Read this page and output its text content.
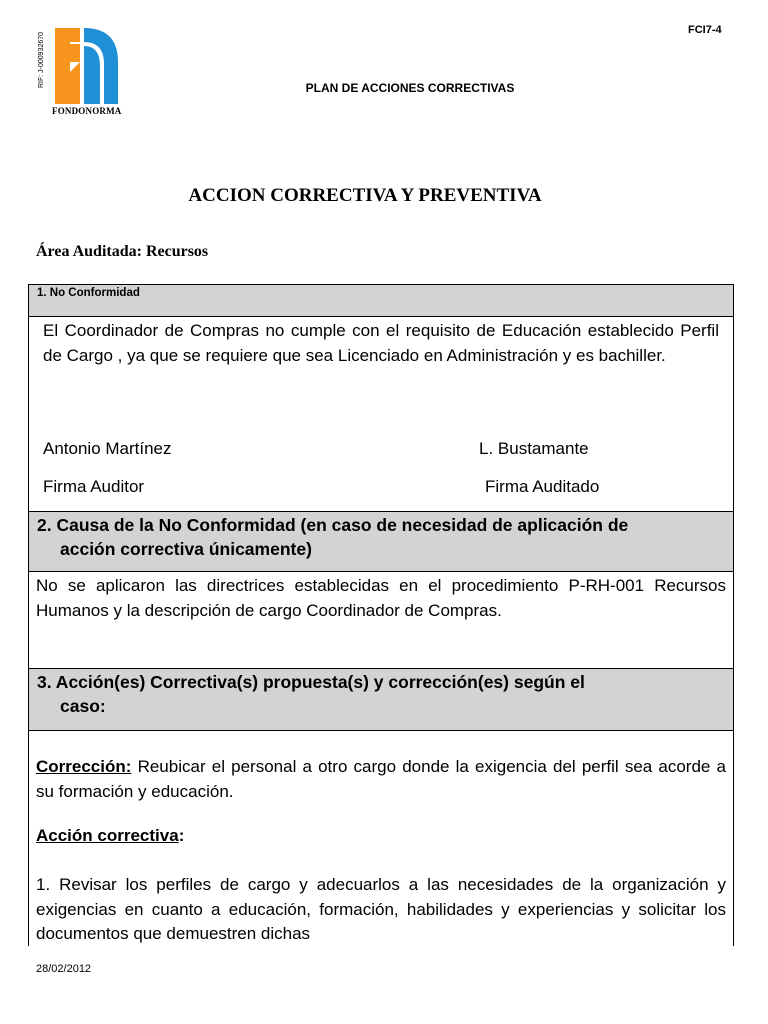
RIF: J-000932670
FONDONORMA
FCI7-4
PLAN DE ACCIONES CORRECTIVAS
ACCION CORRECTIVA Y PREVENTIVA
Área Auditada: Recursos
1. No Conformidad
El Coordinador de Compras no cumple con el requisito de Educación establecido Perfil de Cargo , ya que se requiere que sea Licenciado en Administración y es bachiller.
Antonio Martínez	L. Bustamante
Firma Auditor	Firma Auditado
2. Causa de la No Conformidad (en caso de necesidad de aplicación de
acción correctiva únicamente)
No se aplicaron las directrices establecidas en el procedimiento P-RH-001 Recursos Humanos y la descripción de cargo Coordinador de Compras.
3. Acción(es) Correctiva(s) propuesta(s) y corrección(es) según el
caso:
Corrección: Reubicar el personal a otro cargo donde la exigencia del perfil sea acorde a su formación y educación.
Acción correctiva:
1. Revisar los perfiles de cargo y adecuarlos a las necesidades de la organización y exigencias en cuanto a educación, formación, habilidades y experiencias y solicitar los documentos que demuestren dichas
28/02/2012
